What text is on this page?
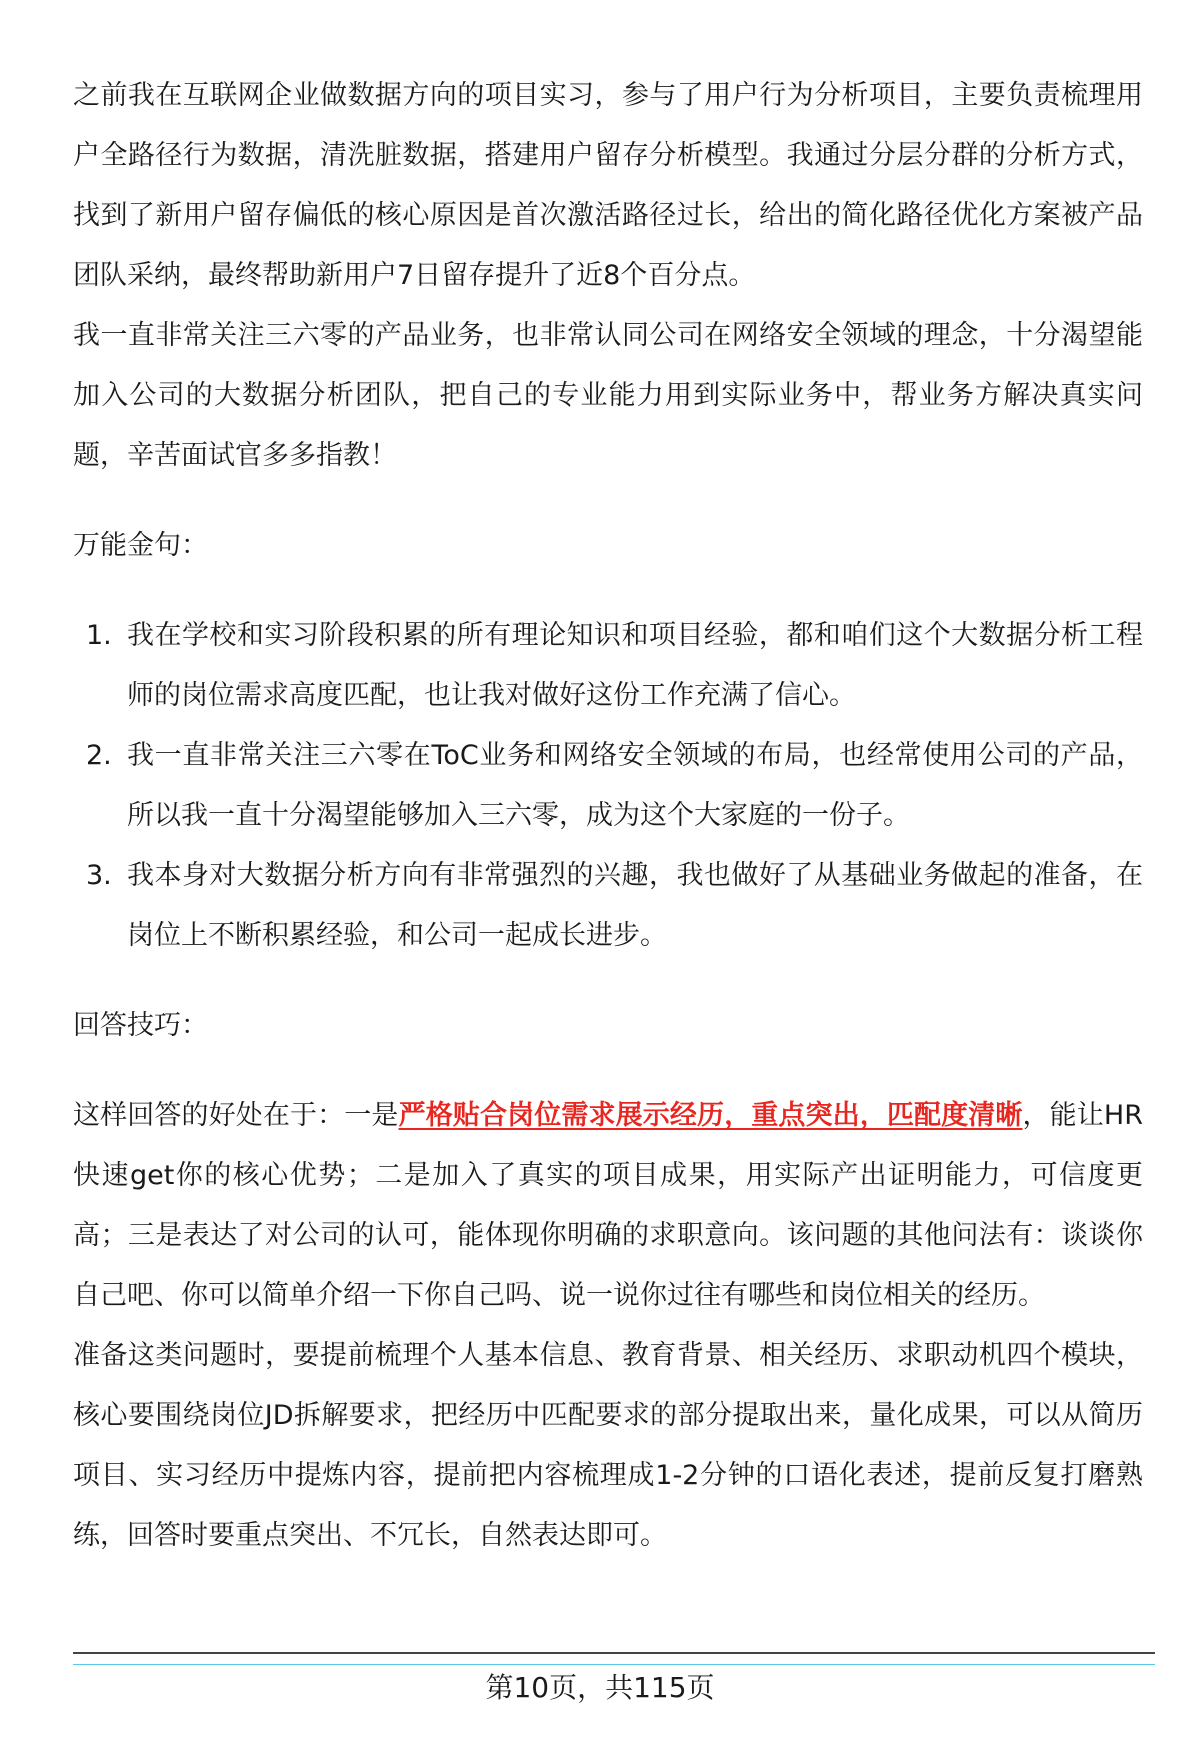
之前我在互联网企业做数据方向的项目实习，参与了用户行为分析项目，主要负责梳理用户全路径行为数据，清洗脏数据，搭建用户留存分析模型。我通过分层分群的分析方式，找到了新用户留存偏低的核心原因是首次激活路径过长，给出的简化路径优化方案被产品团队采纳，最终帮助新用户7日留存提升了近8个百分点。

我一直非常关注三六零的产品业务，也非常认同公司在网络安全领域的理念，十分渴望能加入公司的大数据分析团队，把自己的专业能力用到实际业务中，帮业务方解决真实问题，辛苦面试官多多指教！

万能金句：

1. 我在学校和实习阶段积累的所有理论知识和项目经验，都和咱们这个大数据分析工程师的岗位需求高度匹配，也让我对做好这份工作充满了信心。
2. 我一直非常关注三六零在ToC业务和网络安全领域的布局，也经常使用公司的产品，所以我一直十分渴望能够加入三六零，成为这个大家庭的一份子。
3. 我本身对大数据分析方向有非常强烈的兴趣，我也做好了从基础业务做起的准备，在岗位上不断积累经验，和公司一起成长进步。

回答技巧：

这样回答的好处在于：一是严格贴合岗位需求展示经历，重点突出，匹配度清晰，能让HR快速get你的核心优势；二是加入了真实的项目成果，用实际产出证明能力，可信度更高；三是表达了对公司的认可，能体现你明确的求职意向。该问题的其他问法有：谈谈你自己吧、你可以简单介绍一下你自己吗、说一说你过往有哪些和岗位相关的经历。

准备这类问题时，要提前梳理个人基本信息、教育背景、相关经历、求职动机四个模块，核心要围绕岗位JD拆解要求，把经历中匹配要求的部分提取出来，量化成果，可以从简历项目、实习经历中提炼内容，提前把内容梳理成1-2分钟的口语化表述，提前反复打磨熟练，回答时要重点突出、不冗长，自然表达即可。

第10页，共115页
